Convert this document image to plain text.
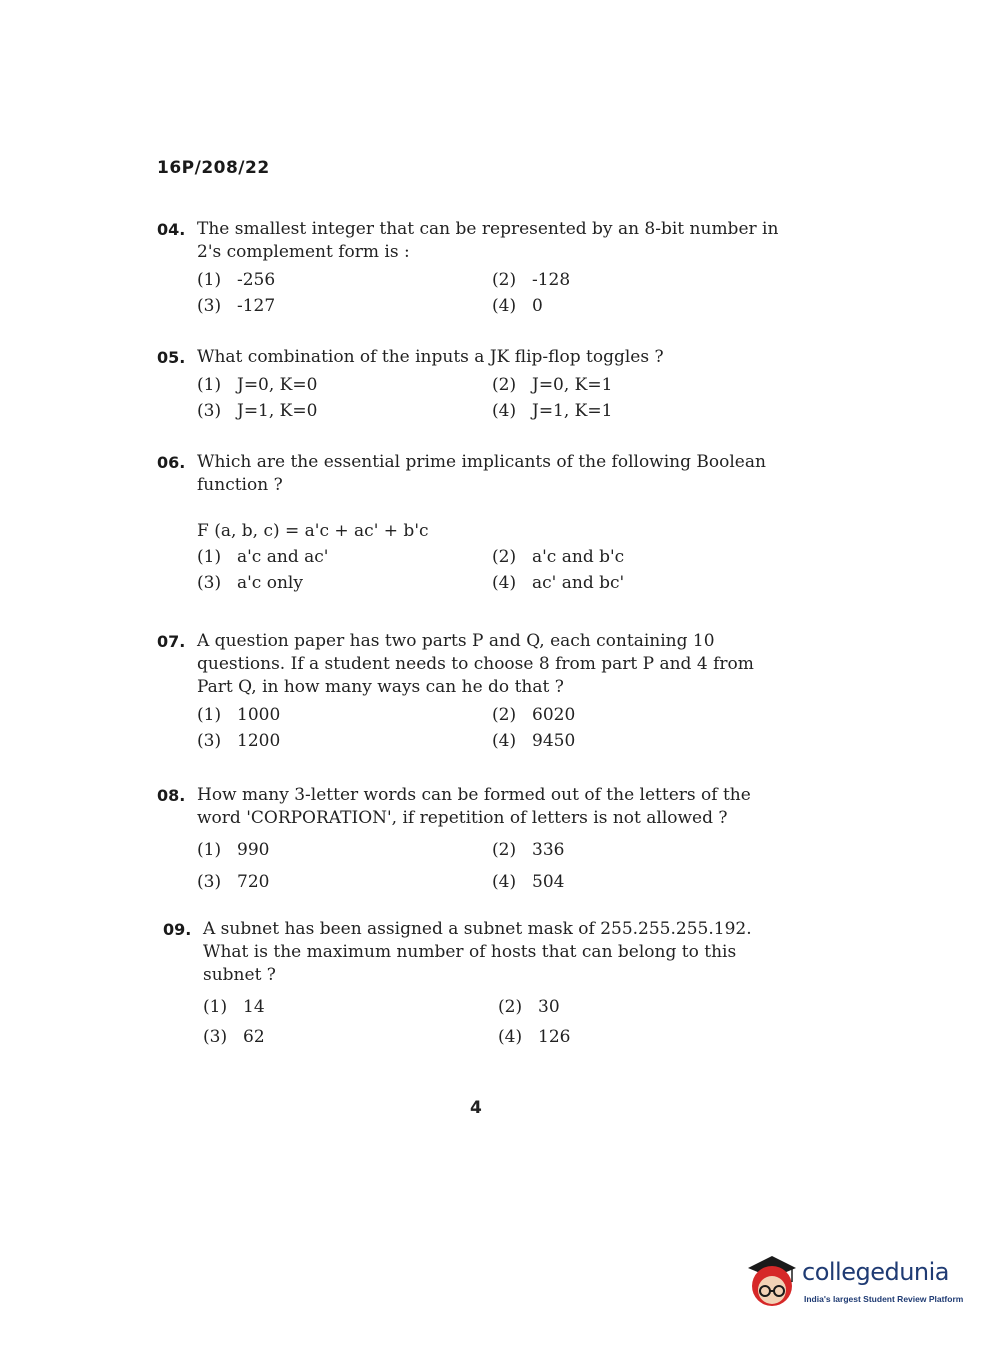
16P/208/22
04. The smallest integer that can be represented by an 8-bit number in 2's complement form is :
(1) -256	(2) -128
(3) -127	(4) 0
05. What combination of the inputs a JK flip-flop toggles ?
(1) J=0, K=0	(2) J=0, K=1
(3) J=1, K=0	(4) J=1, K=1
06. Which are the essential prime implicants of the following Boolean function ?
F (a, b, c) = a'c + ac' + b'c
(1) a'c and ac'	(2) a'c and b'c
(3) a'c only	(4) ac' and bc'
07. A question paper has two parts P and Q, each containing 10 questions. If a student needs to choose 8 from part P and 4 from Part Q, in how many ways can he do that ?
(1) 1000	(2) 6020
(3) 1200	(4) 9450
08. How many 3-letter words can be formed out of the letters of the word 'CORPORATION', if repetition of letters is not allowed ?
(1) 990	(2) 336
(3) 720	(4) 504
09. A subnet has been assigned a subnet mask of 255.255.255.192. What is the maximum number of hosts that can belong to this subnet ?
(1) 14	(2) 30
(3) 62	(4) 126
4
collegedunia
India's largest Student Review Platform
